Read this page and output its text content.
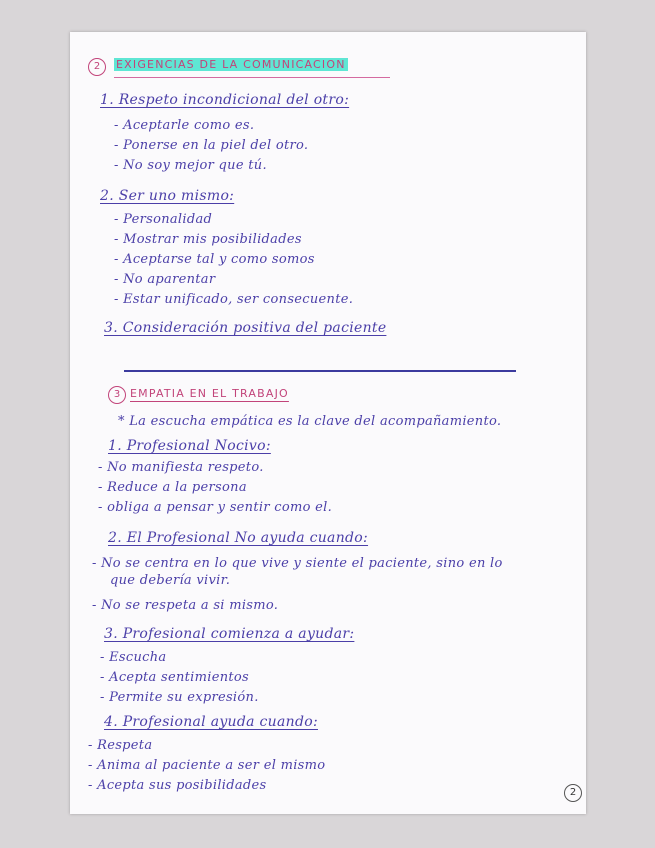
2	EXIGENCIAS DE LA COMUNICACION
1. Respeto incondicional del otro:
- Aceptarle como es.
- Ponerse en la piel del otro.
- No soy mejor que tú.
2. Ser uno mismo:
- Personalidad
- Mostrar mis posibilidades
- Aceptarse tal y como somos
- No aparentar
- Estar unificado, ser consecuente.
3. Consideración positiva del paciente
3 EMPATIA EN EL TRABAJO
* La escucha empática es la clave del acompañamiento.
1. Profesional Nocivo:
- No manifiesta respeto.
- Reduce a la persona
- obliga a pensar y sentir como el.
2. El Profesional No ayuda cuando:
- No se centra en lo que vive y siente el paciente, sino en lo
que debería vivir.
- No se respeta a si mismo.
3. Profesional comienza a ayudar:
- Escucha
- Acepta sentimientos
- Permite su expresión.
4. Profesional ayuda cuando:
- Respeta
- Anima al paciente a ser el mismo
- Acepta sus posibilidades	2
